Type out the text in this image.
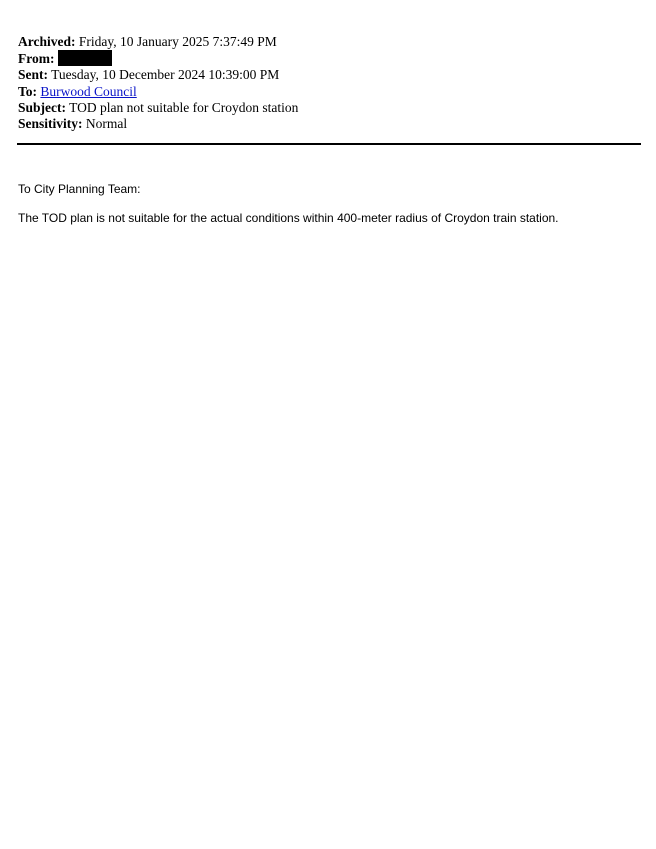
Archived: Friday, 10 January 2025 7:37:49 PM
From:
Sent: Tuesday, 10 December 2024 10:39:00 PM
To: Burwood Council
Subject: TOD plan not suitable for Croydon station
Sensitivity: Normal
To City Planning Team:
The TOD plan is not suitable for the actual conditions within 400-meter radius of Croydon train station.
